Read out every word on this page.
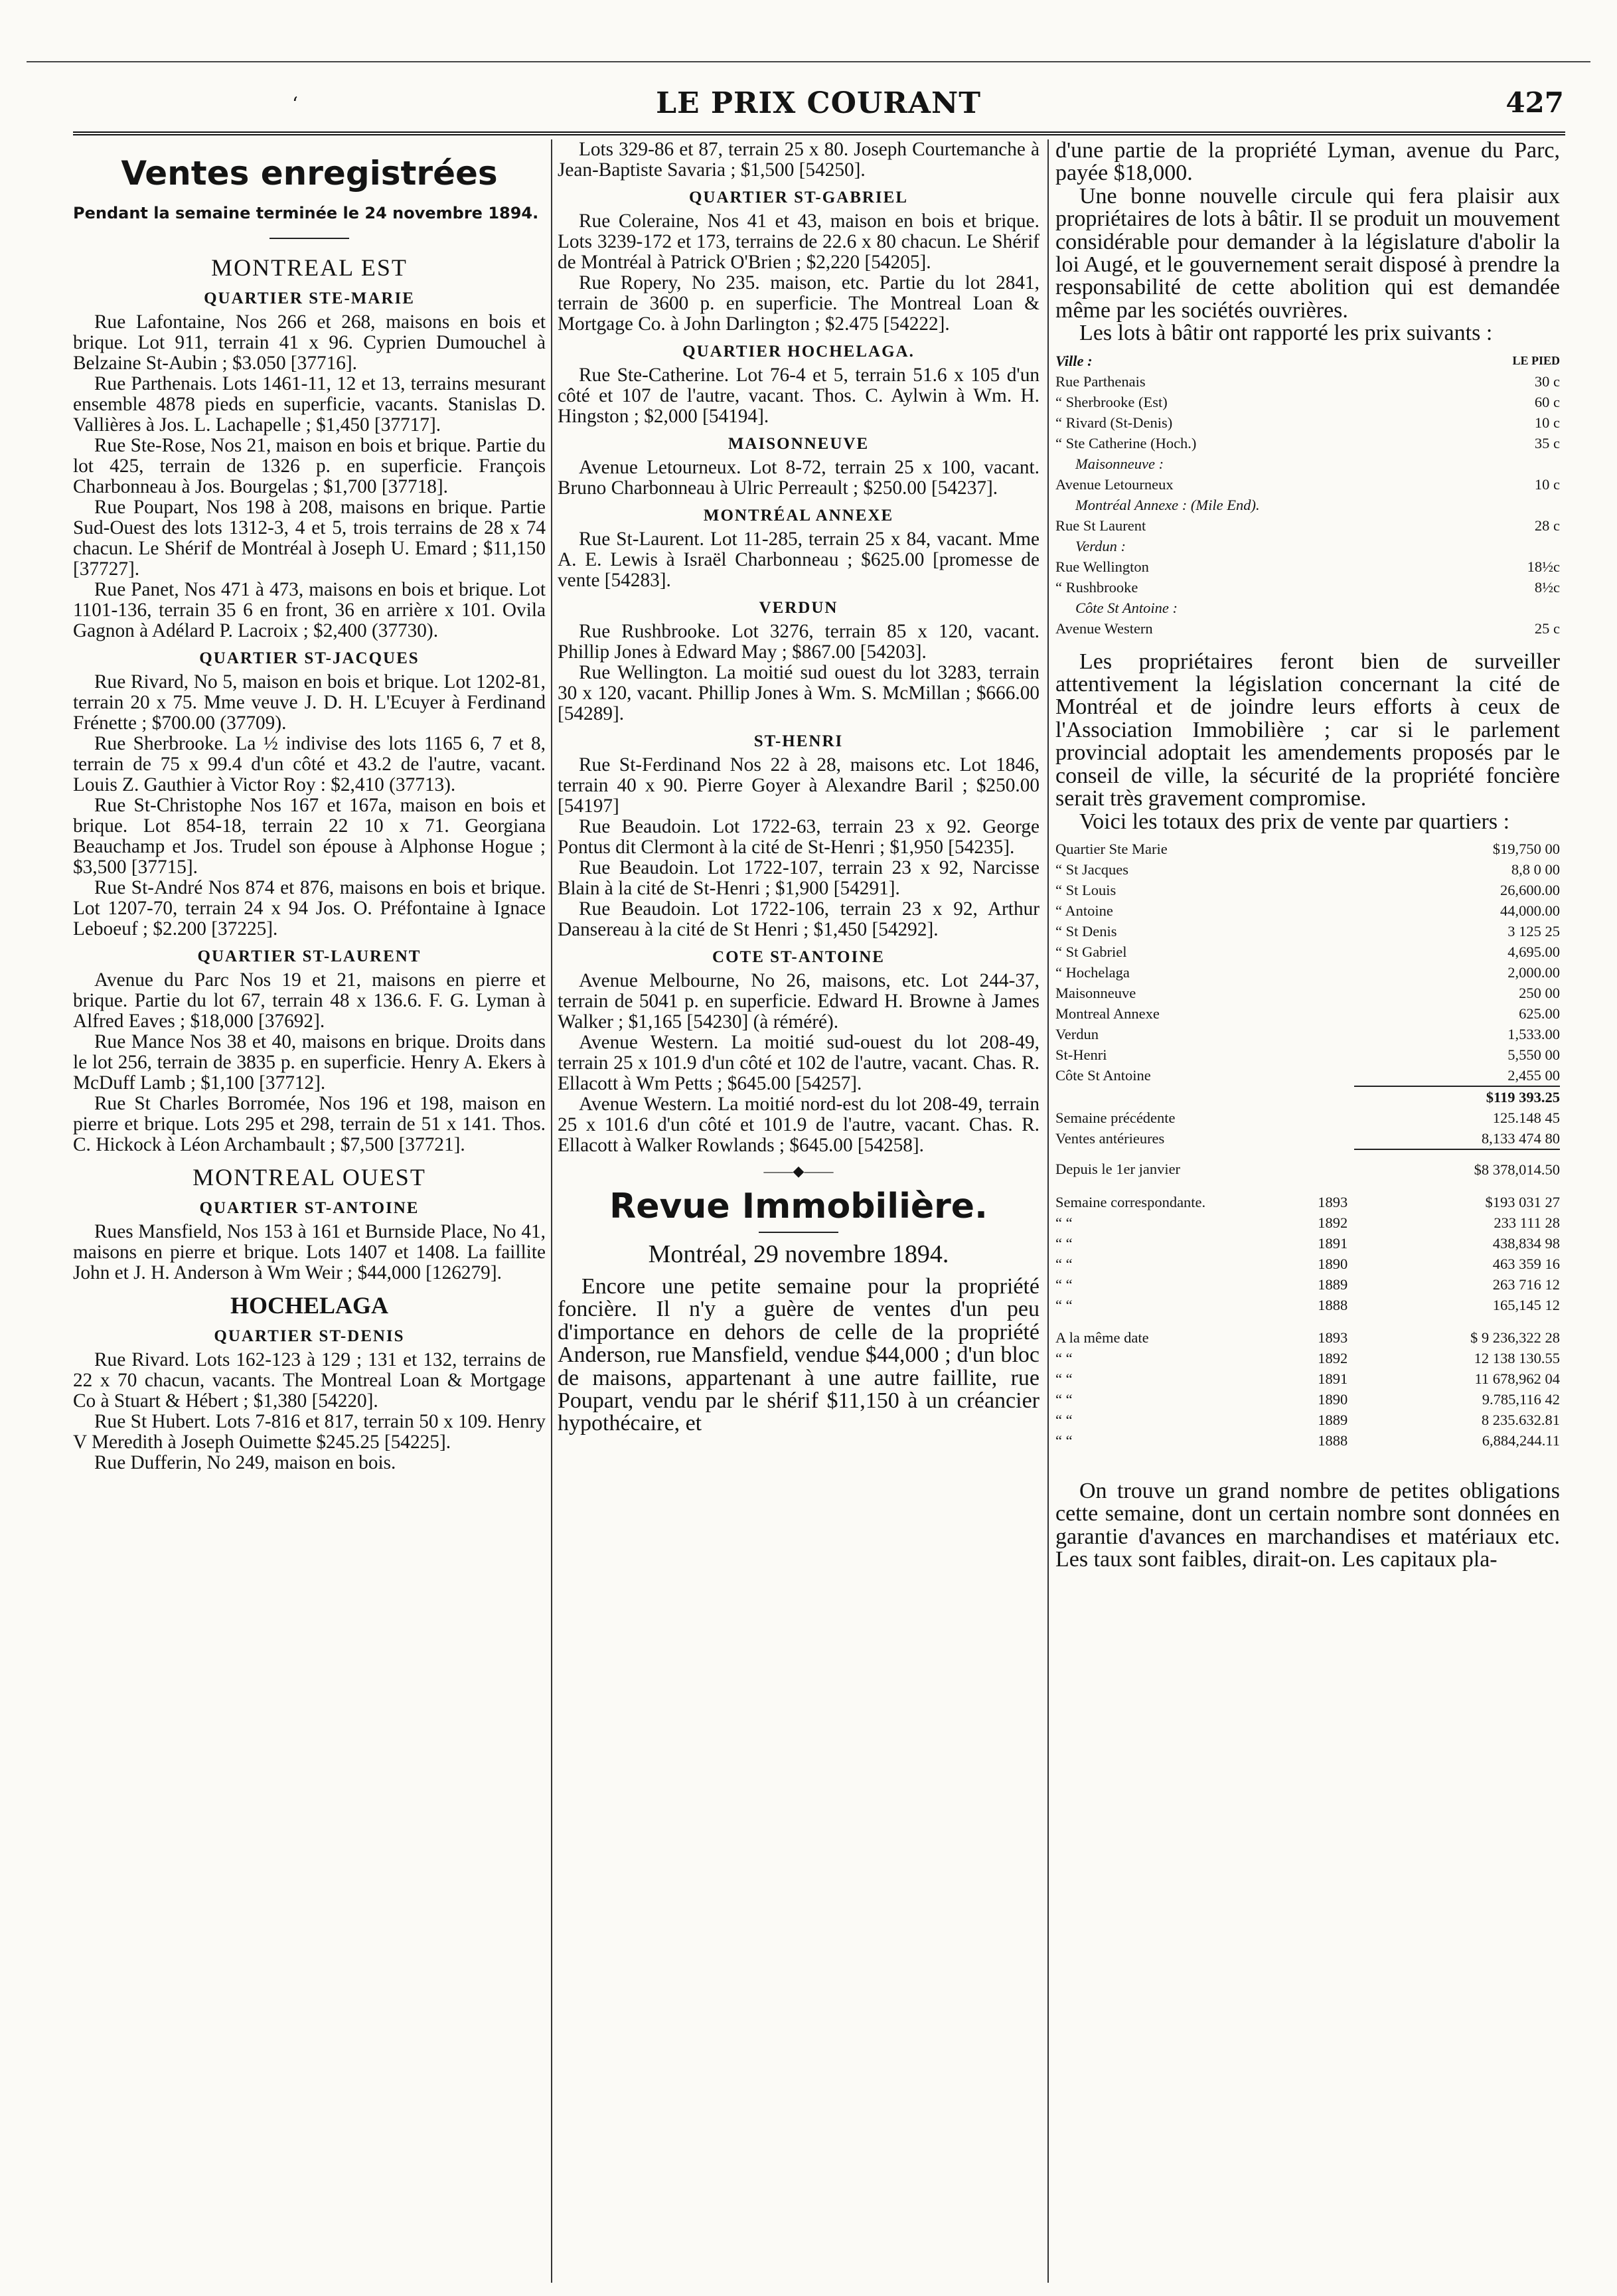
‘	LE PRIX COURANT	427
Ventes enregistrées
Pendant la semaine terminée le 24 novembre 1894.
MONTREAL EST
QUARTIER STE-MARIE

Rue Lafontaine, Nos 266 et 268, maisons en bois et brique. Lot 911, terrain 41 x 96. Cyprien Dumouchel à Belzaine St-Aubin ; $3.050 [37716].

Rue Parthenais. Lots 1461-11, 12 et 13, terrains mesurant ensemble 4878 pieds en superficie, vacants. Stanislas D. Vallières à Jos. L. Lachapelle ; $1,450 [37717].

Rue Ste-Rose, Nos 21, maison en bois et brique. Partie du lot 425, terrain de 1326 p. en superficie. François Charbonneau à Jos. Bourgelas ; $1,700 [37718].

Rue Poupart, Nos 198 à 208, maisons en brique. Partie Sud-Ouest des lots 1312-3, 4 et 5, trois terrains de 28 x 74 chacun. Le Shérif de Montréal à Joseph U. Emard ; $11,150 [37727].

Rue Panet, Nos 471 à 473, maisons en bois et brique. Lot 1101-136, terrain 35 6 en front, 36 en arrière x 101. Ovila Gagnon à Adélard P. Lacroix ; $2,400 (37730).

QUARTIER ST-JACQUES

Rue Rivard, No 5, maison en bois et brique. Lot 1202-81, terrain 20 x 75. Mme veuve J. D. H. L'Ecuyer à Ferdinand Frénette ; $700.00 (37709).

Rue Sherbrooke. La ½ indivise des lots 1165 6, 7 et 8, terrain de 75 x 99.4 d'un côté et 43.2 de l'autre, vacant. Louis Z. Gauthier à Victor Roy : $2,410 (37713).

Rue St-Christophe Nos 167 et 167a, maison en bois et brique. Lot 854-18, terrain 22 10 x 71. Georgiana Beauchamp et Jos. Trudel son épouse à Alphonse Hogue ; $3,500 [37715].

Rue St-André Nos 874 et 876, maisons en bois et brique. Lot 1207-70, terrain 24 x 94 Jos. O. Préfontaine à Ignace Leboeuf ; $2.200 [37225].

QUARTIER ST-LAURENT

Avenue du Parc Nos 19 et 21, maisons en pierre et brique. Partie du lot 67, terrain 48 x 136.6. F. G. Lyman à Alfred Eaves ; $18,000 [37692].

Rue Mance Nos 38 et 40, maisons en brique. Droits dans le lot 256, terrain de 3835 p. en superficie. Henry A. Ekers à McDuff Lamb ; $1,100 [37712].

Rue St Charles Borromée, Nos 196 et 198, maison en pierre et brique. Lots 295 et 298, terrain de 51 x 141. Thos. C. Hickock à Léon Archambault ; $7,500 [37721].

MONTREAL OUEST
QUARTIER ST-ANTOINE

Rues Mansfield, Nos 153 à 161 et Burnside Place, No 41, maisons en pierre et brique. Lots 1407 et 1408. La faillite John et J. H. Anderson à Wm Weir ; $44,000 [126279].

HOCHELAGA
QUARTIER ST-DENIS

Rue Rivard. Lots 162-123 à 129 ; 131 et 132, terrains de 22 x 70 chacun, vacants. The Montreal Loan & Mortgage Co à Stuart & Hébert ; $1,380 [54220].

Rue St Hubert. Lots 7-816 et 817, terrain 50 x 109. Henry V Meredith à Joseph Ouimette $245.25 [54225].

Rue Dufferin, No 249, maison en bois.

Lots 329-86 et 87, terrain 25 x 80. Joseph Courtemanche à Jean-Baptiste Savaria ; $1,500 [54250].

QUARTIER ST-GABRIEL

Rue Coleraine, Nos 41 et 43, maison en bois et brique. Lots 3239-172 et 173, terrains de 22.6 x 80 chacun. Le Shérif de Montréal à Patrick O'Brien ; $2,220 [54205].

Rue Ropery, No 235. maison, etc. Partie du lot 2841, terrain de 3600 p. en superficie. The Montreal Loan & Mortgage Co. à John Darlington ; $2.475 [54222].

QUARTIER HOCHELAGA.

Rue Ste-Catherine. Lot 76-4 et 5, terrain 51.6 x 105 d'un côté et 107 de l'autre, vacant. Thos. C. Aylwin à Wm. H. Hingston ; $2,000 [54194].

MAISONNEUVE

Avenue Letourneux. Lot 8-72, terrain 25 x 100, vacant. Bruno Charbonneau à Ulric Perreault ; $250.00 [54237].

MONTRÉAL ANNEXE

Rue St-Laurent. Lot 11-285, terrain 25 x 84, vacant. Mme A. E. Lewis à Israël Charbonneau ; $625.00 [promesse de vente [54283].

VERDUN

Rue Rushbrooke. Lot 3276, terrain 85 x 120, vacant. Phillip Jones à Edward May ; $867.00 [54203].

Rue Wellington. La moitié sud ouest du lot 3283, terrain 30 x 120, vacant. Phillip Jones à Wm. S. McMillan ; $666.00 [54289].

ST-HENRI

Rue St-Ferdinand Nos 22 à 28, maisons etc. Lot 1846, terrain 40 x 90. Pierre Goyer à Alexandre Baril ; $250.00 [54197]

Rue Beaudoin. Lot 1722-63, terrain 23 x 92. George Pontus dit Clermont à la cité de St-Henri ; $1,950 [54235].

Rue Beaudoin. Lot 1722-107, terrain 23 x 92, Narcisse Blain à la cité de St-Henri ; $1,900 [54291].

Rue Beaudoin. Lot 1722-106, terrain 23 x 92, Arthur Dansereau à la cité de St Henri ; $1,450 [54292].

COTE ST-ANTOINE

Avenue Melbourne, No 26, maisons, etc. Lot 244-37, terrain de 5041 p. en superficie. Edward H. Browne à James Walker ; $1,165 [54230] (à réméré).

Avenue Western. La moitié sud-ouest du lot 208-49, terrain 25 x 101.9 d'un côté et 102 de l'autre, vacant. Chas. R. Ellacott à Wm Petts ; $645.00 [54257].

Avenue Western. La moitié nord-est du lot 208-49, terrain 25 x 101.6 d'un côté et 101.9 de l'autre, vacant. Chas. R. Ellacott à Walker Rowlands ; $645.00 [54258].

——◆——
Revue Immobilière.
Montréal, 29 novembre 1894.

Encore une petite semaine pour la propriété foncière. Il n'y a guère de ventes d'un peu d'importance en dehors de celle de la propriété Anderson, rue Mansfield, vendue $44,000 ; d'un bloc de maisons, appartenant à une autre faillite, rue Poupart, vendu par le shérif $11,150 à un créancier hypothécaire, et

d'une partie de la propriété Lyman, avenue du Parc, payée $18,000.

Une bonne nouvelle circule qui fera plaisir aux propriétaires de lots à bâtir. Il se produit un mouvement considérable pour demander à la législature d'abolir la loi Augé, et le gouvernement serait disposé à prendre la responsabilité de cette abolition qui est demandée même par les sociétés ouvrières.

Les lots à bâtir ont rapporté les prix suivants :

Ville :	LE PIED
Rue Parthenais	30 c
“ Sherbrooke (Est)	60 c
“ Rivard (St-Denis)	10 c
“ Ste Catherine (Hoch.)	35 c
Maisonneuve :	
Avenue Letourneux	10 c
Montréal Annexe : (Mile End).	
Rue St Laurent	28 c
Verdun :	
Rue Wellington	18½c
“ Rushbrooke	8½c
Côte St Antoine :	
Avenue Western	25 c

Les propriétaires feront bien de surveiller attentivement la législation concernant la cité de Montréal et de joindre leurs efforts à ceux de l'Association Immobilière ; car si le parlement provincial adoptait les amendements proposés par le conseil de ville, la sécurité de la propriété foncière serait très gravement compromise.

Voici les totaux des prix de vente par quartiers :

Quartier Ste Marie	$19,750 00
“ St Jacques	8,8 0 00
“ St Louis	26,600.00
“ Antoine	44,000.00
“ St Denis	3 125 25
“ St Gabriel	4,695.00
“ Hochelaga	2,000.00
Maisonneuve	250 00
Montreal Annexe	625.00
Verdun	1,533.00
St-Henri	5,550 00
Côte St Antoine	2,455 00
	$119 393.25
Semaine précédente	125.148 45
Ventes antérieures	8,133 474 80
Depuis le 1er janvier	$8 378,014.50
Semaine correspondante.	1893	$193 031 27
“ “	1892	233 111 28
“ “	1891	438,834 98
“ “	1890	463 359 16
“ “	1889	263 716 12
“ “	1888	165,145 12
A la même date	1893	$ 9 236,322 28
“ “	1892	12 138 130.55
“ “	1891	11 678,962 04
“ “	1890	9.785,116 42
“ “	1889	8 235.632.81
“ “	1888	6,884,244.11

On trouve un grand nombre de petites obligations cette semaine, dont un certain nombre sont données en garantie d'avances en marchandises et matériaux etc. Les taux sont faibles, dirait-on. Les capitaux pla-
